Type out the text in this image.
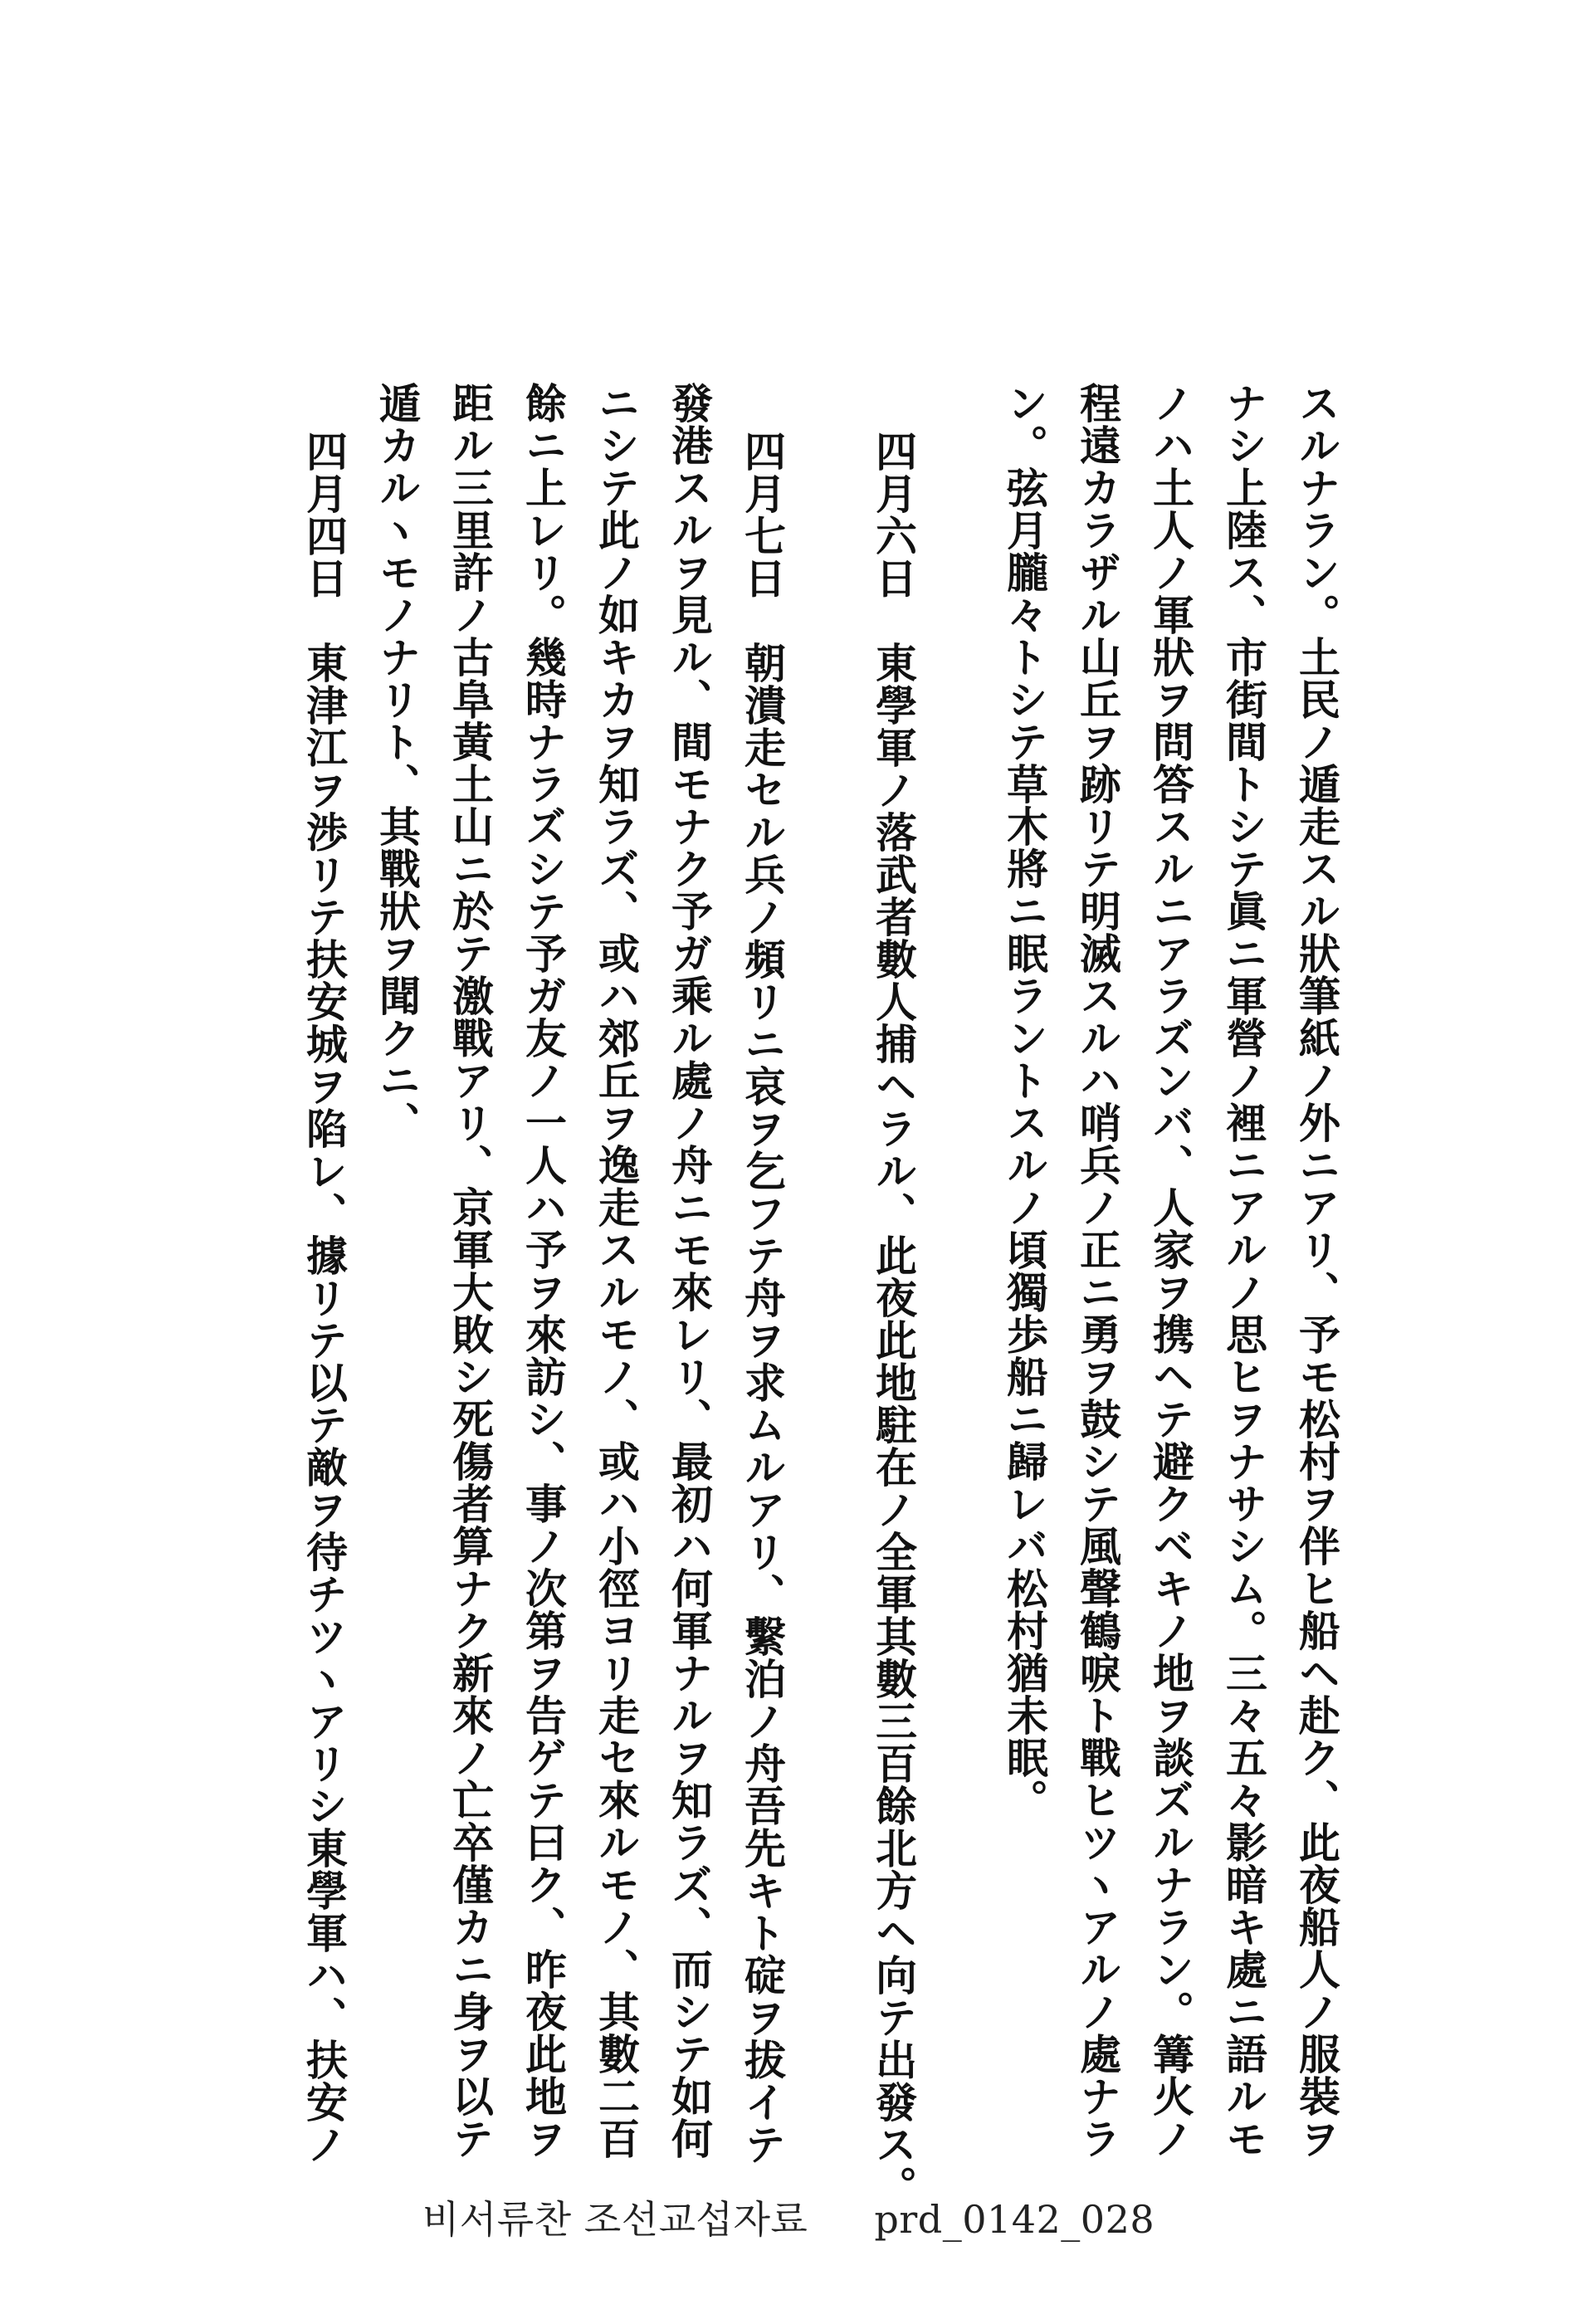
スルナラン。土民ノ遁走スル狀筆紙ノ外ニアリ、予モ松村ヲ伴ヒ船ヘ赴ク、此夜船人ノ服裝ヲ
ナシ上陸ス、市街間トシテ眞ニ軍營ノ裡ニアルノ思ヒヲナサシム。三々五々影暗キ處ニ語ルモ
ノハ土人ノ軍狀ヲ問答スルニアラズンバ、人家ヲ携ヘテ避クベキノ地ヲ談ズルナラン。篝火ノ
程遠カラザル山丘ヲ跡リテ明滅スルハ哨兵ノ正ニ勇ヲ鼓シテ風聲鶴唳ト戰ヒツヽアルノ處ナラ
ン。弦月朧々トシテ草木將ニ眠ラントスルノ頃獨歩船ニ歸レバ松村猶未眠。
四月六日　東學軍ノ落武者數人捕ヘラル、此夜此地駐在ノ全軍其數三百餘北方ヘ向テ出發ス。
四月七日　朝潰走セル兵ノ頻リニ哀ヲ乞フテ舟ヲ求ムルアリ、繫泊ノ舟吾先キト碇ヲ拔イテ
發港スルヲ見ル、間モナク予ガ乘ル處ノ舟ニモ來レリ、最初ハ何軍ナルヲ知ラズ、而シテ如何
ニシテ此ノ如キカヲ知ラズ、或ハ郊丘ヲ逸走スルモノ、或ハ小徑ヨリ走セ來ルモノ、其數二百
餘ニ上レリ。幾時ナラズシテ予ガ友ノ一人ハ予ヲ來訪シ、事ノ次第ヲ告ゲテ曰ク、昨夜此地ヲ
距ル三里許ノ古阜黃土山ニ於テ激戰アリ、京軍大敗シ死傷者算ナク新來ノ亡卒僅カニ身ヲ以テ
遁カルヽモノナリト、其戰狀ヲ聞クニ、
四月四日　東津江ヲ渉リテ扶安城ヲ陷レ、據リテ以テ敵ヲ待チツヽアリシ東學軍ハ、扶安ノ
비서류찬 조선교섭자료 prd_0142_028
